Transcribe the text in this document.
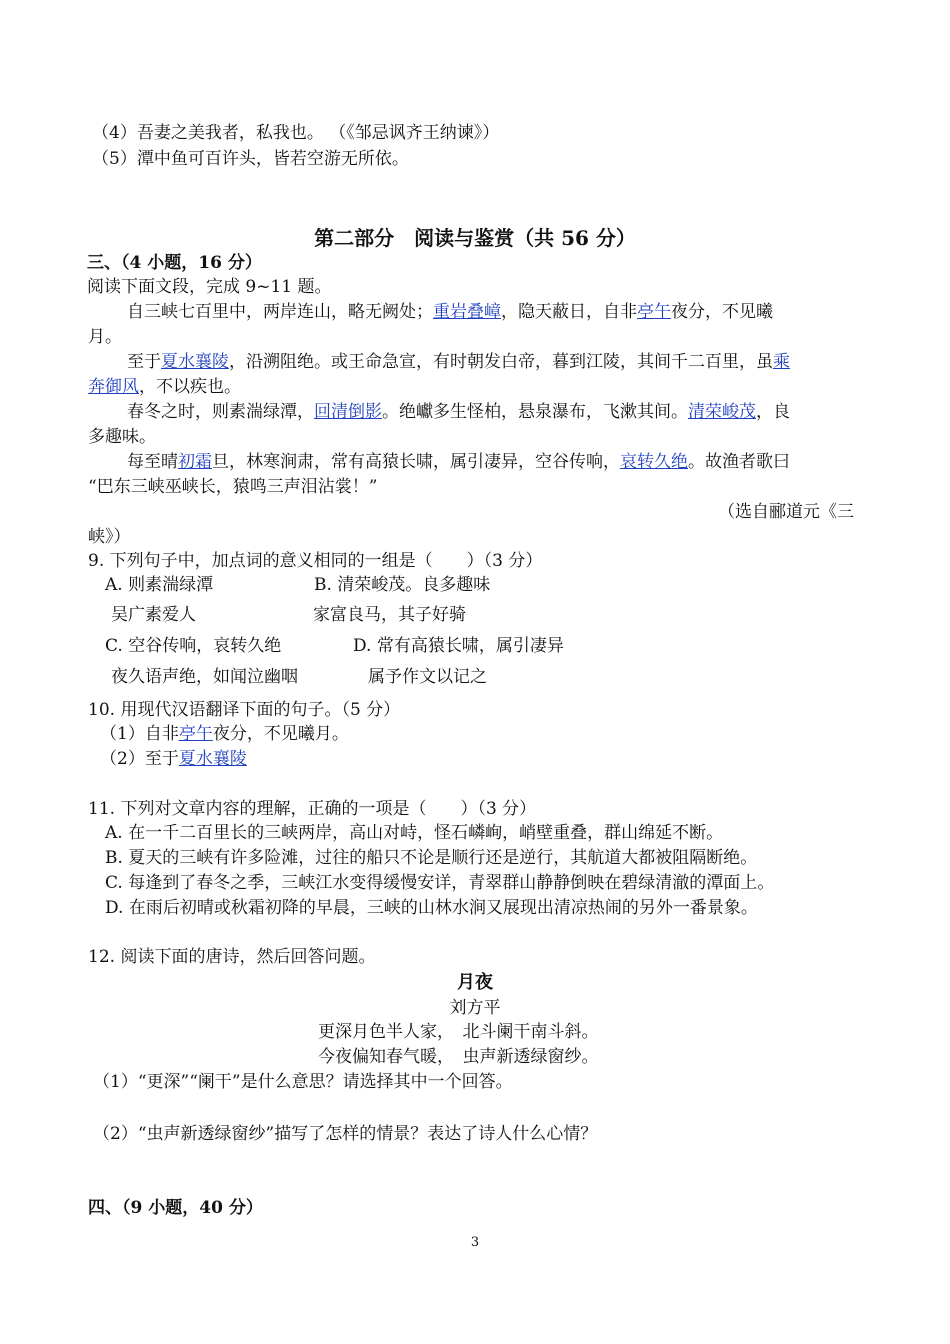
（4）吾妻之美我者，私我也。 （《邹忌讽齐王纳谏》）
（5）潭中鱼可百许头，皆若空游无所依。
第二部分　阅读与鉴赏（共 56 分）
三、（4 小题，16 分）
阅读下面文段，完成 9~11 题。
自三峡七百里中，两岸连山，略无阙处；重岩叠嶂，隐天蔽日，自非亭午夜分，不见曦
月。
至于夏水襄陵，沿溯阻绝。或王命急宣，有时朝发白帝，暮到江陵，其间千二百里，虽乘
奔御风，不以疾也。
春冬之时，则素湍绿潭，回清倒影。绝巘多生怪柏，悬泉瀑布，飞漱其间。清荣峻茂，良
多趣味。
每至晴初霜旦，林寒涧肃，常有高猿长啸，属引凄异，空谷传响，哀转久绝。故渔者歌曰
“巴东三峡巫峡长，猿鸣三声泪沾裳！”
（选自郦道元《三
峡》）
9. 下列句子中，加点词的意义相同的一组是（　　）（3 分）
A. 则素湍绿潭	B. 清荣峻茂。良多趣味
吴广素爱人	家富良马，其子好骑
C. 空谷传响，哀转久绝	D. 常有高猿长啸，属引凄异
夜久语声绝，如闻泣幽咽	属予作文以记之
10. 用现代汉语翻译下面的句子。（5 分）
（1）自非亭午夜分，不见曦月。
（2）至于夏水襄陵
11. 下列对文章内容的理解，正确的一项是（　　）（3 分）
A. 在一千二百里长的三峡两岸，高山对峙，怪石嶙峋，峭壁重叠，群山绵延不断。
B. 夏天的三峡有许多险滩，过往的船只不论是顺行还是逆行，其航道大都被阻隔断绝。
C. 每逢到了春冬之季，三峡江水变得缓慢安详，青翠群山静静倒映在碧绿清澈的潭面上。
D. 在雨后初晴或秋霜初降的早晨，三峡的山林水涧又展现出清凉热闹的另外一番景象。
12. 阅读下面的唐诗，然后回答问题。
月夜
刘方平
更深月色半人家，　北斗阑干南斗斜。
今夜偏知春气暖，　虫声新透绿窗纱。
（1）“更深”“阑干”是什么意思？请选择其中一个回答。
（2）“虫声新透绿窗纱”描写了怎样的情景？表达了诗人什么心情？
四、（9 小题，40 分）
3
